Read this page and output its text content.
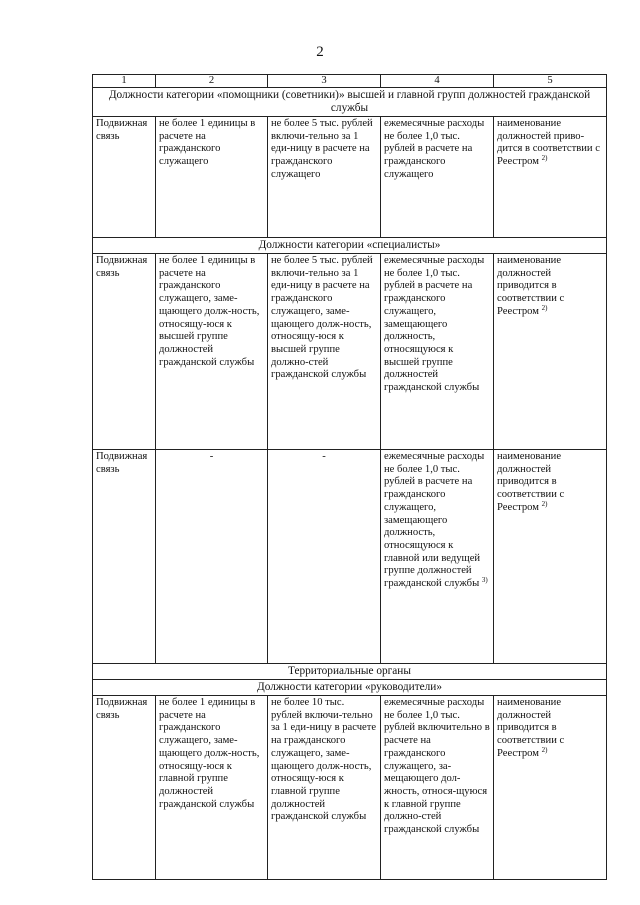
2
1	2	3	4	5
Должности категории «помощники (советники)» высшей и главной групп должностей гражданской службы				
Подвижная связь	не более 1 единицы в расчете на гражданского служащего	не более 5 тыс. рублей включи-тельно за 1 еди-ницу в расчете на гражданского служащего	ежемесячные расходы не более 1,0 тыс. рублей в расчете на гражданского служащего	наименование должностей приво-дится в соответствии с Реестром $^{2)}$
Должности категории «специалисты»				
Подвижная связь	не более 1 единицы в расчете на гражданского служащего, заме-щающего долж-ность, относящу-юся к высшей группе должностей гражданской службы	не более 5 тыс. рублей включи-тельно за 1 еди-ницу в расчете на гражданского служащего, заме-щающего долж-ность, относящу-юся к высшей группе должно-стей гражданской службы	ежемесячные расходы не более 1,0 тыс. рублей в расчете на гражданского служащего, замещающего должность, относящуюся к высшей группе должностей гражданской службы	наименование должностей приводится в соответствии с Реестром $^{2)}$
Подвижная связь	-	-	ежемесячные расходы не более 1,0 тыс. рублей в расчете на гражданского служащего, замещающего должность, относящуюся к главной или ведущей группе должностей гражданской службы $^{3)}$	наименование должностей приводится в соответствии с Реестром $^{2)}$
Территориальные органы				
Должности категории «руководители»				
Подвижная связь	не более 1 единицы в расчете на гражданского служащего, заме-щающего долж-ность, относящу-юся к главной группе должностей гражданской службы	не более 10 тыс. рублей включи-тельно за 1 еди-ницу в расчете на гражданского служащего, заме-щающего долж-ность, относящу-юся к главной группе должностей гражданской службы	ежемесячные расходы не более 1,0 тыс. рублей включительно в расчете на гражданского служащего, за-мещающего дол-жность, относя-щуюся к главной группе должно-стей гражданской службы	наименование должностей приводится в соответствии с Реестром $^{2)}$
